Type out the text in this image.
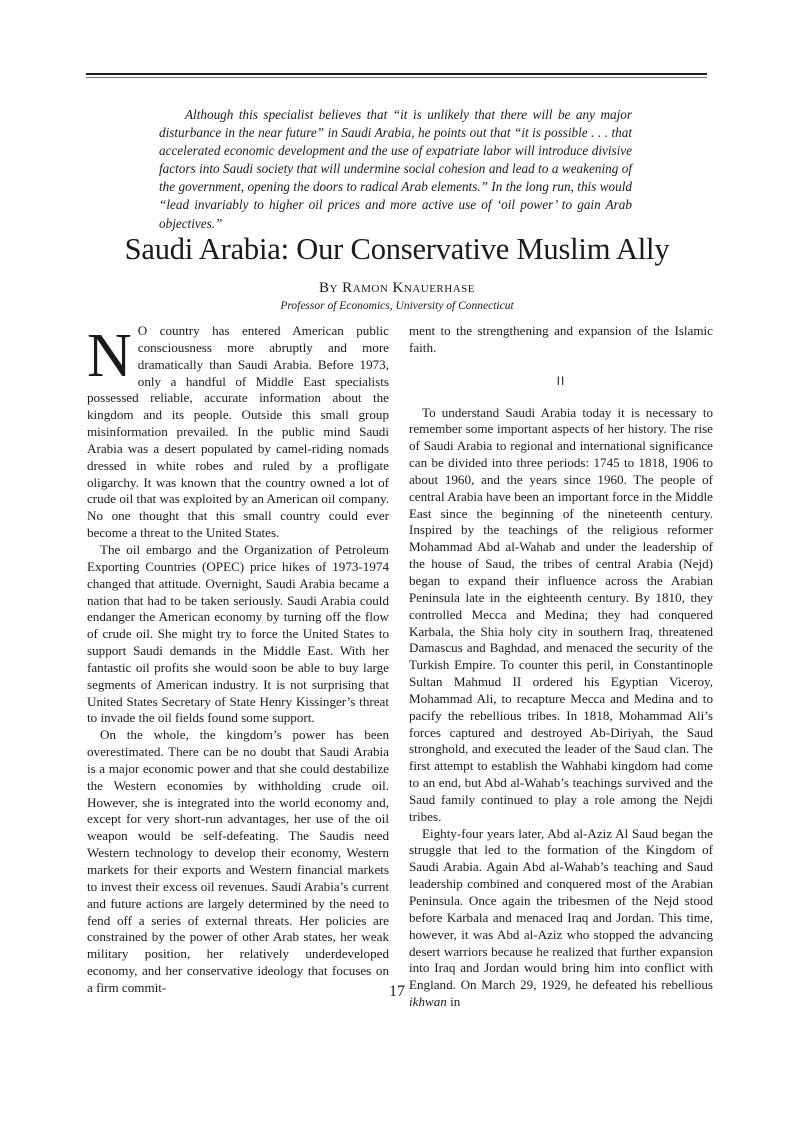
Although this specialist believes that “it is unlikely that there will be any major disturbance in the near future” in Saudi Arabia, he points out that “it is possible . . . that accelerated economic development and the use of expatriate labor will introduce divisive factors into Saudi society that will undermine social cohesion and lead to a weakening of the government, opening the doors to radical Arab elements.” In the long run, this would “lead invariably to higher oil prices and more active use of ‘oil power’ to gain Arab objectives.”

Saudi Arabia: Our Conservative Muslim Ally
By Ramon Knauerhase
Professor of Economics, University of Connecticut

N O country has entered American public consciousness more abruptly and more dramatically than Saudi Arabia. Before 1973, only a handful of Middle East specialists possessed reliable, accurate information about the kingdom and its people. Outside this small group misinformation prevailed. In the public mind Saudi Arabia was a desert populated by camel-riding nomads dressed in white robes and ruled by a profligate oligarchy. It was known that the country owned a lot of crude oil that was exploited by an American oil company. No one thought that this small country could ever become a threat to the United States.

The oil embargo and the Organization of Petroleum Exporting Countries (OPEC) price hikes of 1973-1974 changed that attitude. Overnight, Saudi Arabia became a nation that had to be taken seriously. Saudi Arabia could endanger the American economy by turning off the flow of crude oil. She might try to force the United States to support Saudi demands in the Middle East. With her fantastic oil profits she would soon be able to buy large segments of American industry. It is not surprising that United States Secretary of State Henry Kissinger’s threat to invade the oil fields found some support.

On the whole, the kingdom’s power has been overestimated. There can be no doubt that Saudi Arabia is a major economic power and that she could destabilize the Western economies by withholding crude oil. However, she is integrated into the world economy and, except for very short-run advantages, her use of the oil weapon would be self-defeating. The Saudis need Western technology to develop their economy, Western markets for their exports and Western financial markets to invest their excess oil revenues. Saudi Arabia’s current and future actions are largely determined by the need to fend off a series of external threats. Her policies are constrained by the power of other Arab states, her weak military position, her relatively underdeveloped economy, and her conservative ideology that focuses on a firm commit-

ment to the strengthening and expansion of the Islamic faith.

II

To understand Saudi Arabia today it is necessary to remember some important aspects of her history. The rise of Saudi Arabia to regional and international significance can be divided into three periods: 1745 to 1818, 1906 to about 1960, and the years since 1960. The people of central Arabia have been an important force in the Middle East since the beginning of the nineteenth century. Inspired by the teachings of the religious reformer Mohammad Abd al-Wahab and under the leadership of the house of Saud, the tribes of central Arabia (Nejd) began to expand their influence across the Arabian Peninsula late in the eighteenth century. By 1810, they controlled Mecca and Medina; they had conquered Karbala, the Shia holy city in southern Iraq, threatened Damascus and Baghdad, and menaced the security of the Turkish Empire. To counter this peril, in Constantinople Sultan Mahmud II ordered his Egyptian Viceroy, Mohammad Ali, to recapture Mecca and Medina and to pacify the rebellious tribes. In 1818, Mohammad Ali’s forces captured and destroyed Ab-Diriyah, the Saud stronghold, and executed the leader of the Saud clan. The first attempt to establish the Wahhabi kingdom had come to an end, but Abd al-Wahab’s teachings survived and the Saud family continued to play a role among the Nejdi tribes.

Eighty-four years later, Abd al-Aziz Al Saud began the struggle that led to the formation of the Kingdom of Saudi Arabia. Again Abd al-Wahab’s teaching and Saud leadership combined and conquered most of the Arabian Peninsula. Once again the tribesmen of the Nejd stood before Karbala and menaced Iraq and Jordan. This time, however, it was Abd al-Aziz who stopped the advancing desert warriors because he realized that further expansion into Iraq and Jordan would bring him into conflict with England. On March 29, 1929, he defeated his rebellious ikhwan in

17
